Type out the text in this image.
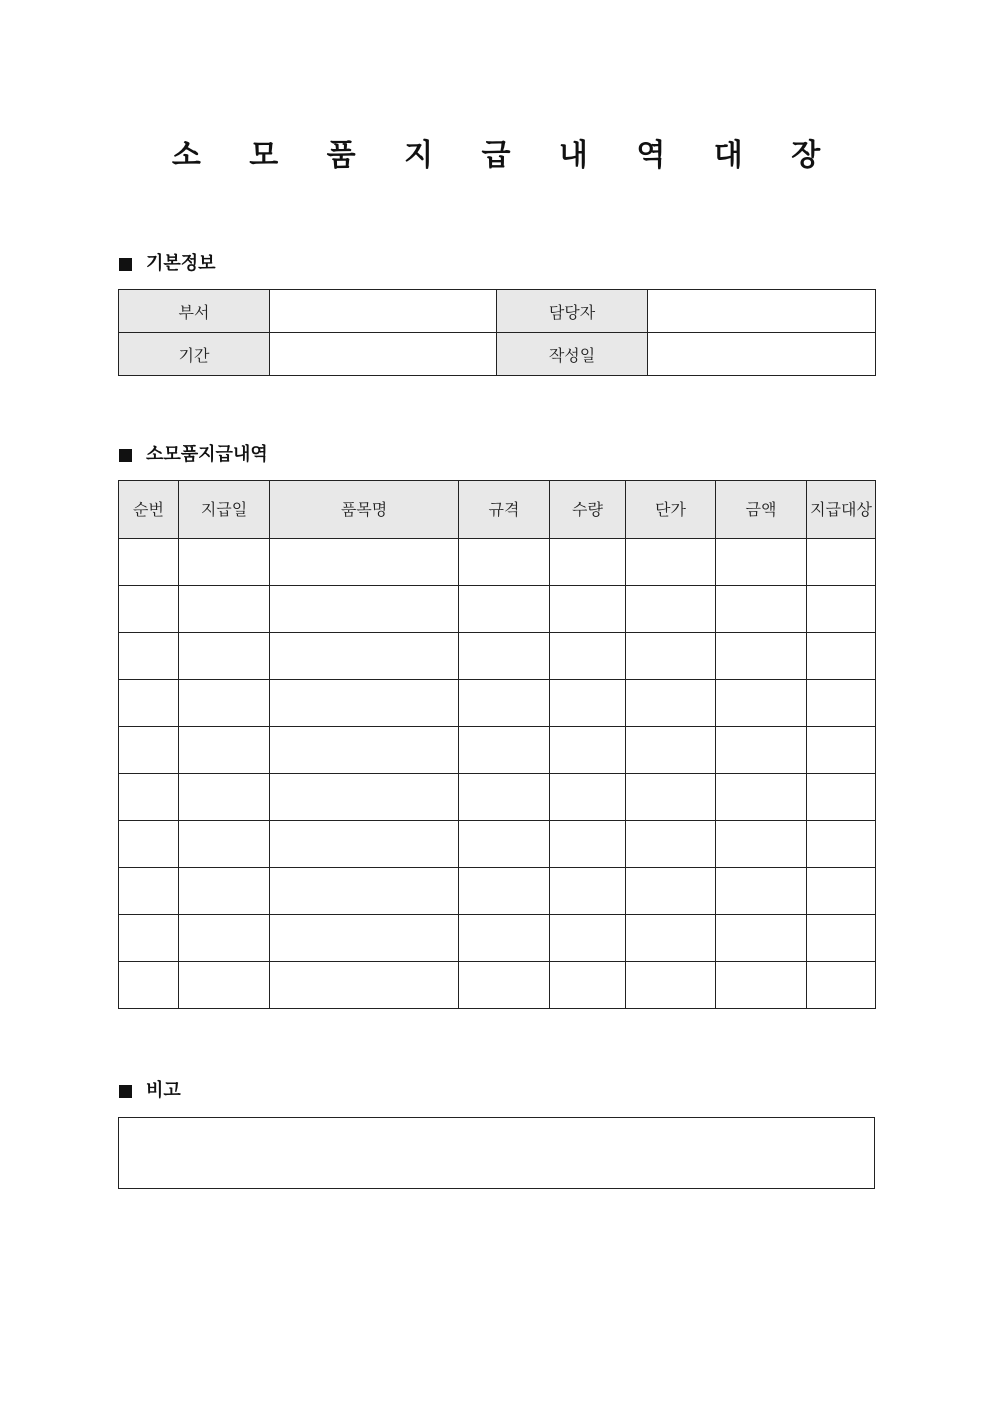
소 모 품 지 급 내 역 대 장
기본정보
부서		담당자	
기간		작성일	
소모품지급내역
순번	지급일	품목명	규격	수량	단가	금액	지급대상

비고
